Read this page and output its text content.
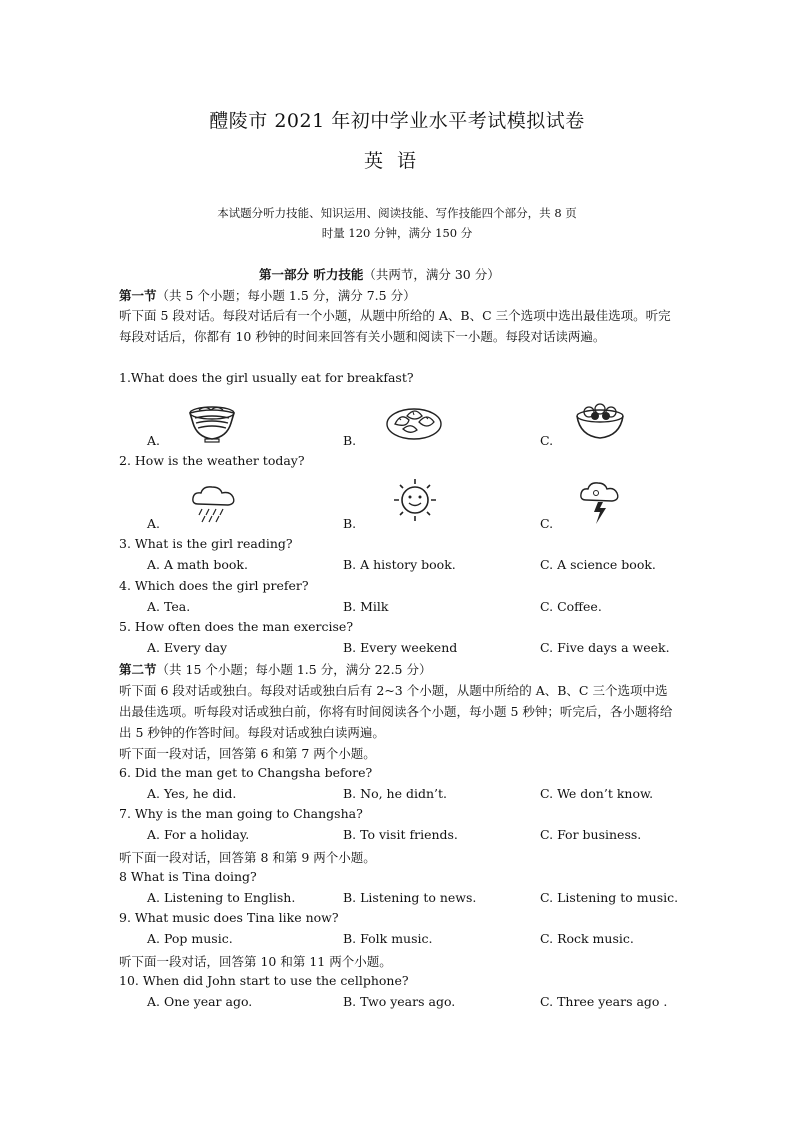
醴陵市 2021 年初中学业水平考试模拟试卷
英语
本试题分听力技能、知识运用、阅读技能、写作技能四个部分，共 8 页
时量 120 分钟，满分 150 分
第一部分 听力技能（共两节，满分 30 分）
第一节（共 5 个小题；每小题 1.5 分，满分 7.5 分）
听下面 5 段对话。每段对话后有一个小题，从题中所给的 A、B、C 三个选项中选出最佳选项。听完每段对话后，你都有 10 秒钟的时间来回答有关小题和阅读下一小题。每段对话读两遍。
1.What does the girl usually eat for breakfast?
A.	B.	C.
2. How is the weather today?
A.	B.	C.
3. What is the girl reading?
A. A math book.	B. A history book.	C. A science book.
4. Which does the girl prefer?
A. Tea.	B. Milk	C. Coffee.
5. How often does the man exercise?
A. Every day	B. Every weekend	C. Five days a week.
第二节（共 15 个小题；每小题 1.5 分，满分 22.5 分）
听下面 6 段对话或独白。每段对话或独白后有 2~3 个小题，从题中所给的 A、B、C 三个选项中选出最佳选项。听每段对话或独白前，你将有时间阅读各个小题，每小题 5 秒钟；听完后，各小题将给出 5 秒钟的作答时间。每段对话或独白读两遍。
听下面一段对话，回答第 6 和第 7 两个小题。
6. Did the man get to Changsha before?
A. Yes, he did.	B. No, he didn’t.	C. We don’t know.
7. Why is the man going to Changsha?
A. For a holiday.	B. To visit friends.	C. For business.
听下面一段对话，回答第 8 和第 9 两个小题。
8 What is Tina doing?
A. Listening to English.	B. Listening to news.	C. Listening to music.
9. What music does Tina like now?
A. Pop music.	B. Folk music.	C. Rock music.
听下面一段对话，回答第 10 和第 11 两个小题。
10. When did John start to use the cellphone?
A. One year ago.	B. Two years ago.	C. Three years ago .
